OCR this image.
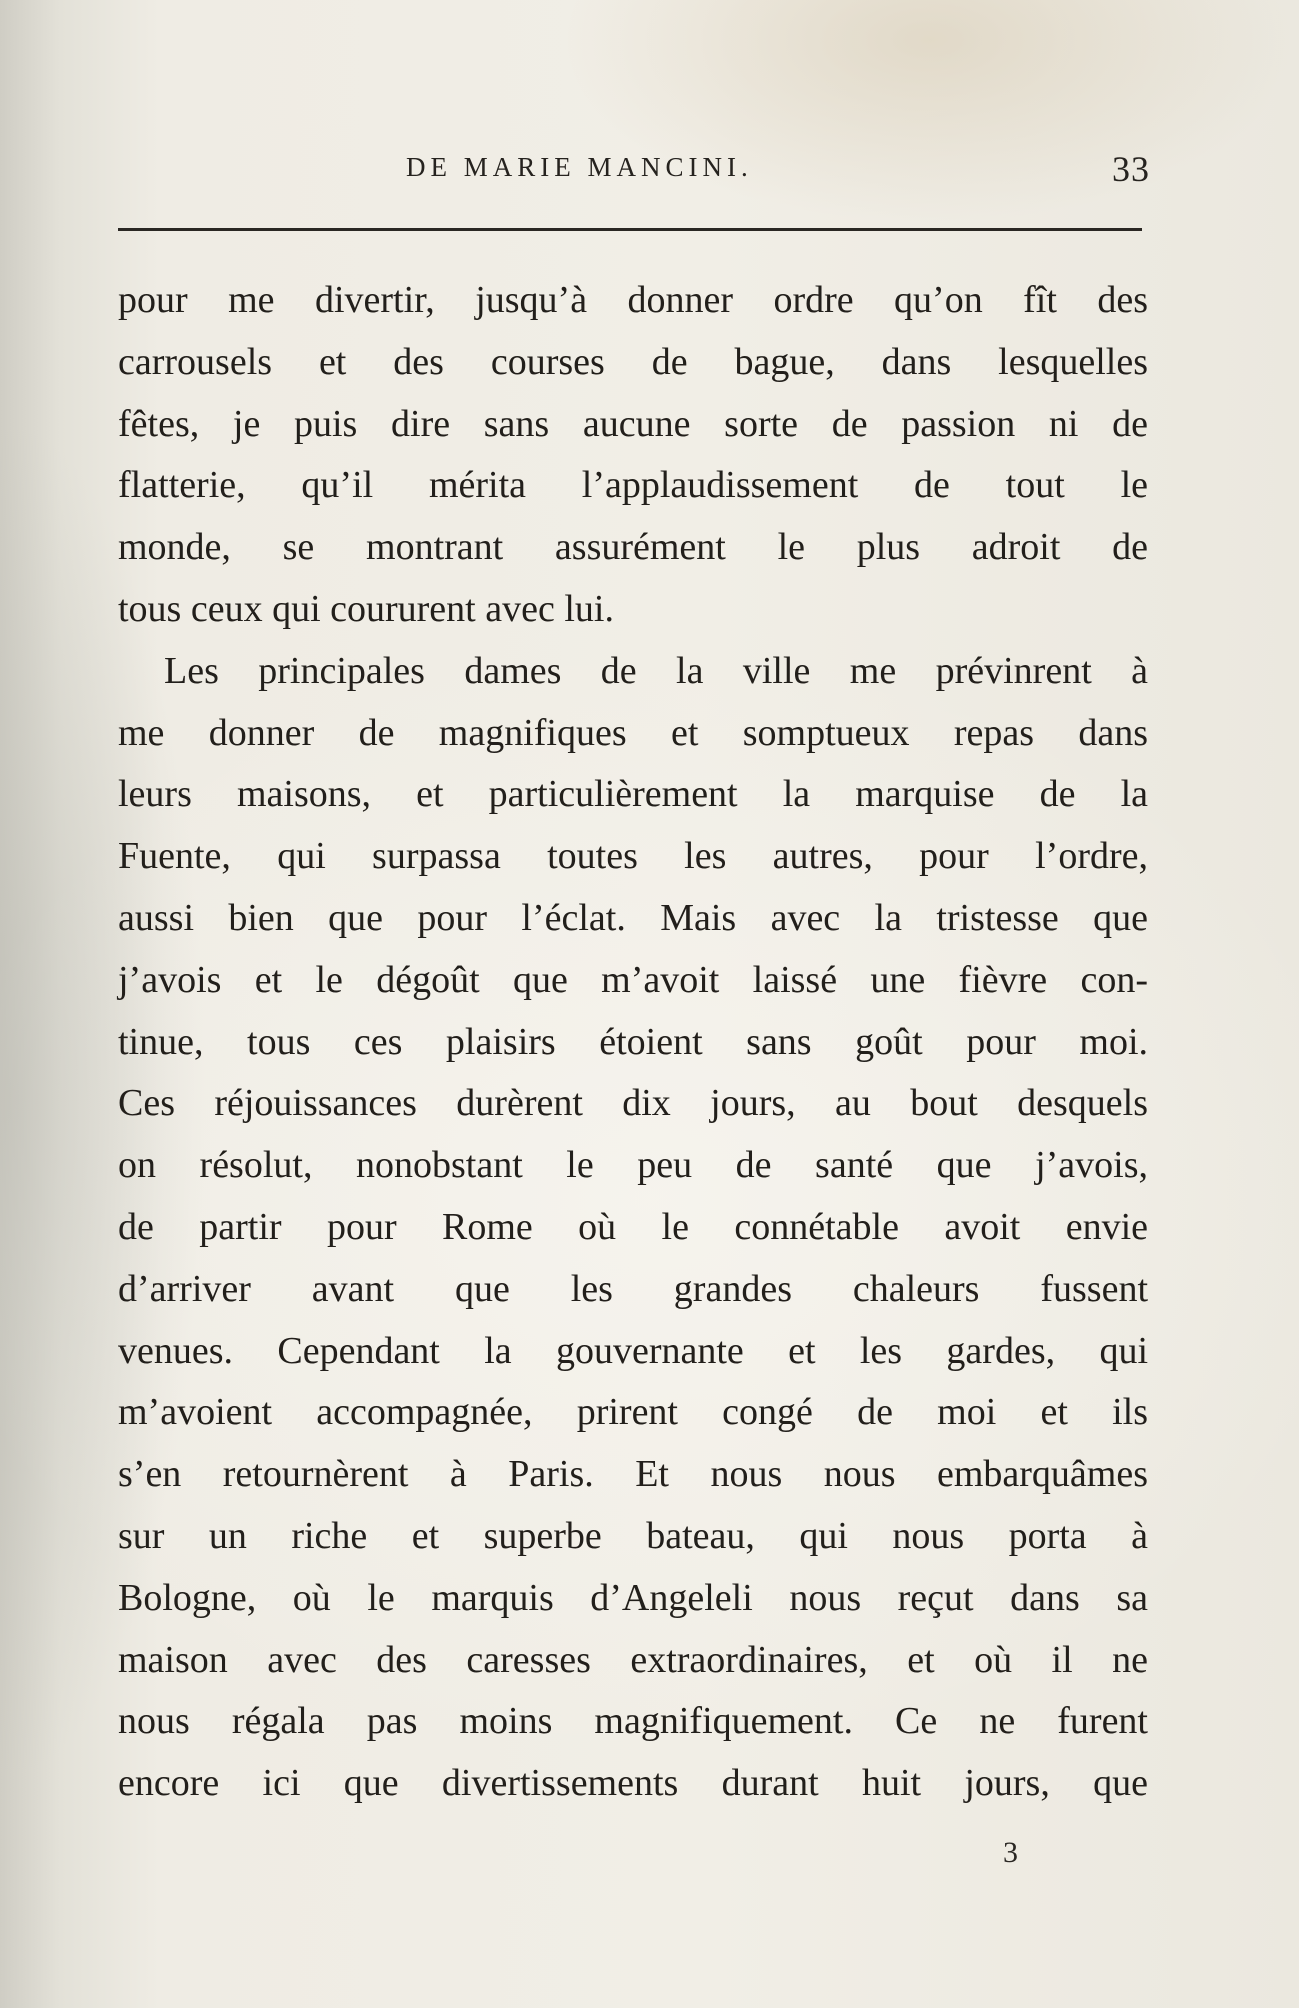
DE MARIE MANCINI.	33
pour me divertir, jusqu’à donner ordre qu’on fît des
carrousels et des courses de bague, dans lesquelles
fêtes, je puis dire sans aucune sorte de passion ni de
flatterie, qu’il mérita l’applaudissement de tout le
monde, se montrant assurément le plus adroit de
tous ceux qui coururent avec lui.
Les principales dames de la ville me prévinrent à
me donner de magnifiques et somptueux repas dans
leurs maisons, et particulièrement la marquise de la
Fuente, qui surpassa toutes les autres, pour l’ordre,
aussi bien que pour l’éclat. Mais avec la tristesse que
j’avois et le dégoût que m’avoit laissé une fièvre con-
tinue, tous ces plaisirs étoient sans goût pour moi.
Ces réjouissances durèrent dix jours, au bout desquels
on résolut, nonobstant le peu de santé que j’avois,
de partir pour Rome où le connétable avoit envie
d’arriver avant que les grandes chaleurs fussent
venues. Cependant la gouvernante et les gardes, qui
m’avoient accompagnée, prirent congé de moi et ils
s’en retournèrent à Paris. Et nous nous embarquâmes
sur un riche et superbe bateau, qui nous porta à
Bologne, où le marquis d’Angeleli nous reçut dans sa
maison avec des caresses extraordinaires, et où il ne
nous régala pas moins magnifiquement. Ce ne furent
encore ici que divertissements durant huit jours, que
3
